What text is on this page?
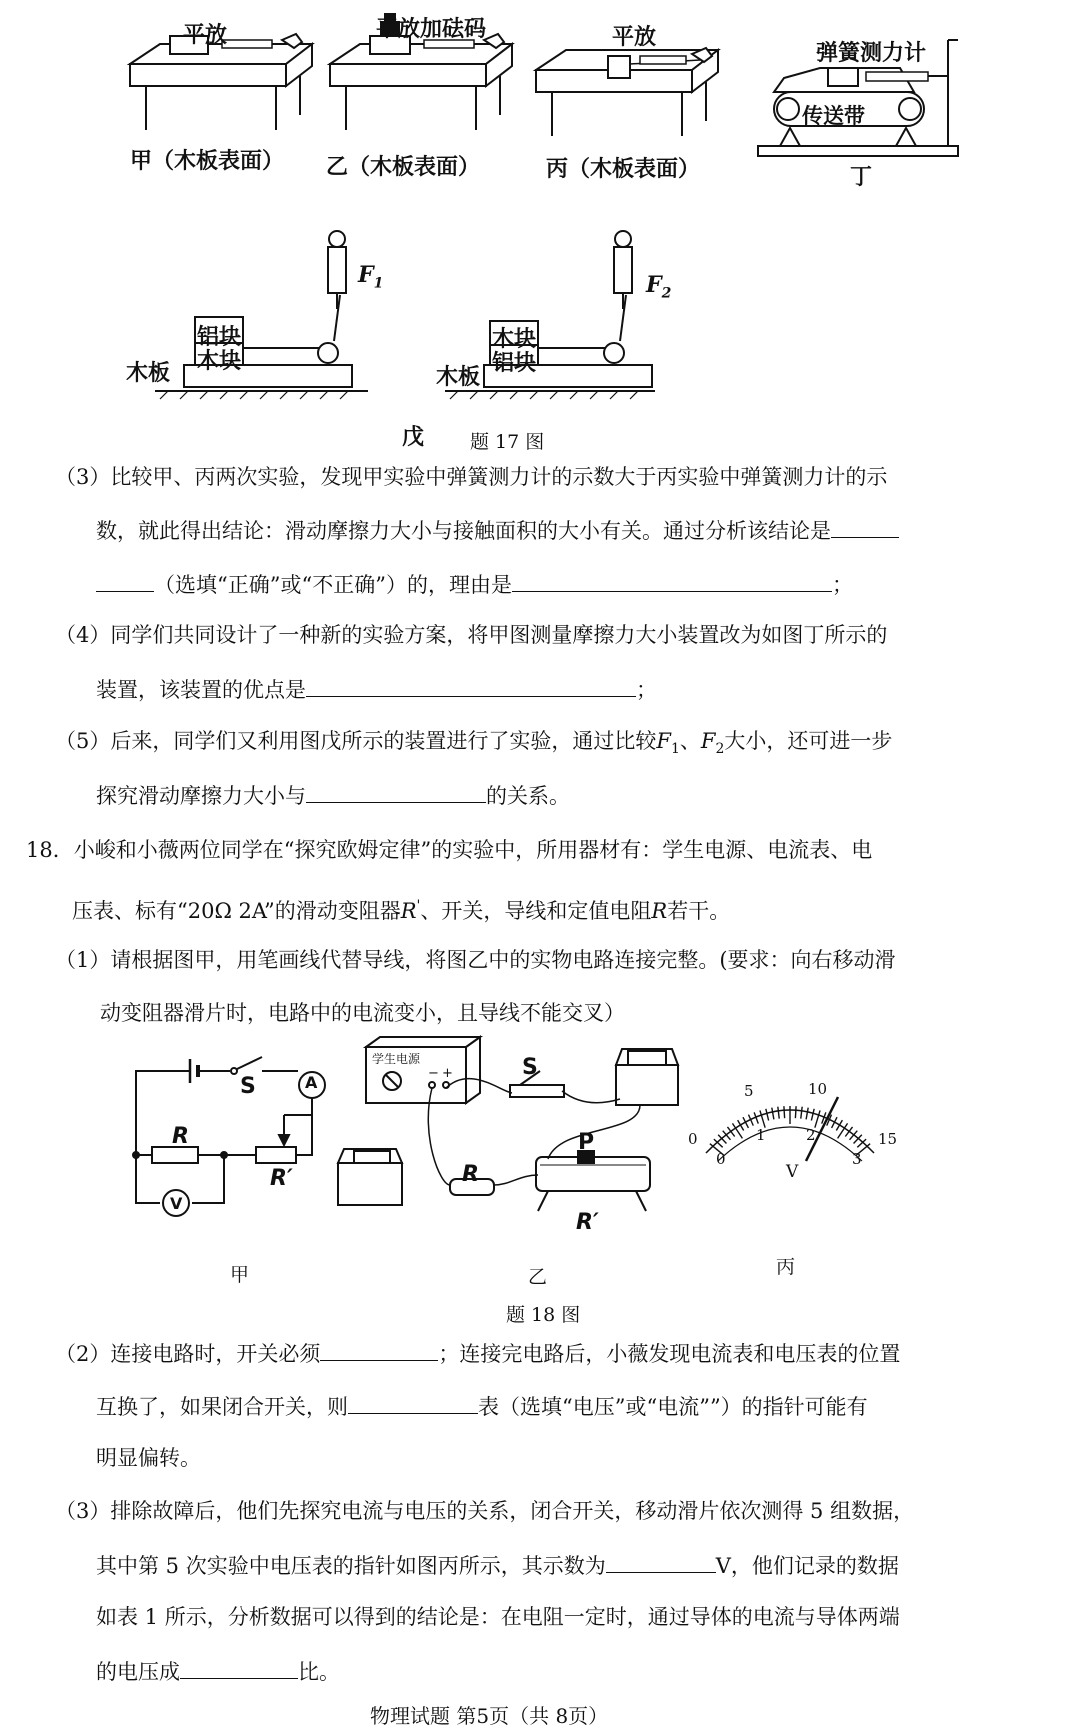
平放
甲（木板表面）
平放加砝码
乙（木板表面）
平放
丙（木板表面）
弹簧测力计
传送带
丁
木板
铝块
木块
$F_1$
木板
木块
铝块
$F_2$
戊 题 17 图
（3）比较甲、丙两次实验，发现甲实验中弹簧测力计的示数大于丙实验中弹簧测力计的示
数，就此得出结论：滑动摩擦力大小与接触面积的大小有关。通过分析该结论是
（选填“正确”或“不正确”）的，理由是	；
（4）同学们共同设计了一种新的实验方案，将甲图测量摩擦力大小装置改为如图丁所示的
装置，该装置的优点是	；
（5）后来，同学们又利用图戊所示的装置进行了实验，通过比较$F_1$、$F_2$大小，还可进一步
探究滑动摩擦力大小与	的关系。
18．小峻和小薇两位同学在“探究欧姆定律”的实验中，所用器材有：学生电源、电流表、电
压表、标有“20Ω 2A”的滑动变阻器R'、开关，导线和定值电阻R若干。
（1）请根据图甲，用笔画线代替导线，将图乙中的实物电路连接完整。(要求：向右移动滑
动变阻器滑片时，电路中的电流变小，且导线不能交叉）
S	A
R
R′
V
甲
学生电源
− +	S
R
P
R′
乙
0
5	10
15
0
1	2
3
V
丙
题 18 图
（2）连接电路时，开关必须	；连接完电路后，小薇发现电流表和电压表的位置
互换了，如果闭合开关，则	表（选填“电压”或“电流””）的指针可能有
明显偏转。
（3）排除故障后，他们先探究电流与电压的关系，闭合开关，移动滑片依次测得 5 组数据，
其中第 5 次实验中电压表的指针如图丙所示，其示数为	V，他们记录的数据
如表 1 所示，分析数据可以得到的结论是：在电阻一定时，通过导体的电流与导体两端
的电压成	比。
物理试题 第5页（共 8页）
